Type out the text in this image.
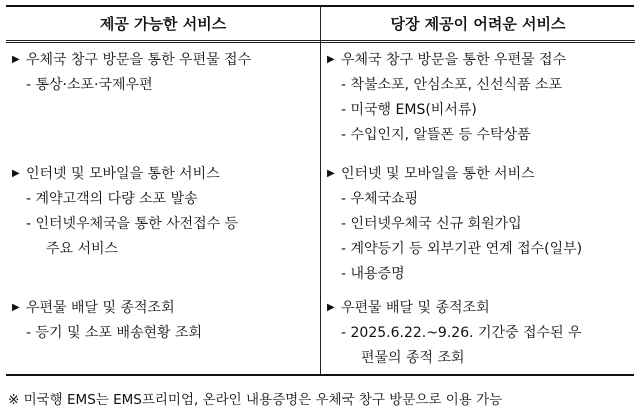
제공 가능한 서비스
▶ 우체국 창구 방문을 통한 우편물 접수
- 통상·소포·국제우편
▶ 인터넷 및 모바일을 통한 서비스
- 계약고객의 다량 소포 발송
- 인터넷우체국을 통한 사전접수 등
주요 서비스
▶ 우편물 배달 및 종적조회
- 등기 및 소포 배송현황 조회
당장 제공이 어려운 서비스
▶ 우체국 창구 방문을 통한 우편물 접수
- 착불소포, 안심소포, 신선식품 소포
- 미국행 EMS(비서류)
- 수입인지, 알뜰폰 등 수탁상품
▶ 인터넷 및 모바일을 통한 서비스
- 우체국쇼핑
- 인터넷우체국 신규 회원가입
- 계약등기 등 외부기관 연계 접수(일부)
- 내용증명
▶ 우편물 배달 및 종적조회
- 2025.6.22.~9.26. 기간중 접수된 우
편물의 종적 조회
※ 미국행 EMS는 EMS프리미엄, 온라인 내용증명은 우체국 창구 방문으로 이용 가능
